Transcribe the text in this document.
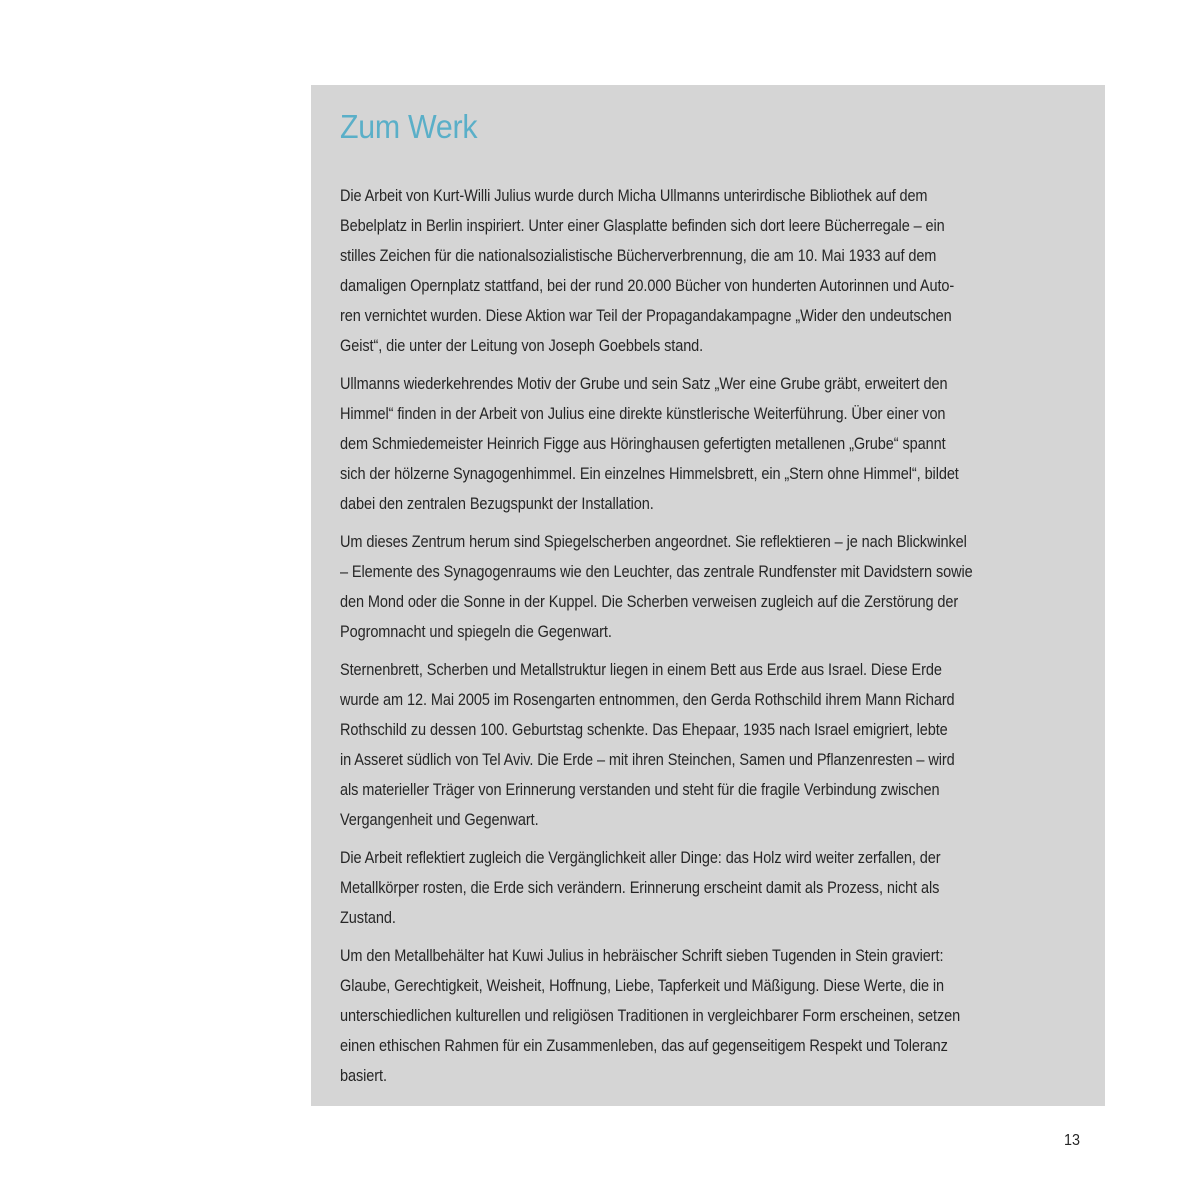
Zum Werk

Die Arbeit von Kurt-Willi Julius wurde durch Micha Ullmanns unterirdische Bibliothek auf dem
Bebelplatz in Berlin inspiriert. Unter einer Glasplatte befinden sich dort leere Bücherregale – ein
stilles Zeichen für die nationalsozialistische Bücherverbrennung, die am 10. Mai 1933 auf dem
damaligen Opernplatz stattfand, bei der rund 20.000 Bücher von hunderten Autorinnen und Auto-
ren vernichtet wurden. Diese Aktion war Teil der Propagandakampagne „Wider den undeutschen
Geist“, die unter der Leitung von Joseph Goebbels stand.

Ullmanns wiederkehrendes Motiv der Grube und sein Satz „Wer eine Grube gräbt, erweitert den
Himmel“ finden in der Arbeit von Julius eine direkte künstlerische Weiterführung. Über einer von
dem Schmiedemeister Heinrich Figge aus Höringhausen gefertigten metallenen „Grube“ spannt
sich der hölzerne Synagogenhimmel. Ein einzelnes Himmelsbrett, ein „Stern ohne Himmel“, bildet
dabei den zentralen Bezugspunkt der Installation.

Um dieses Zentrum herum sind Spiegelscherben angeordnet. Sie reflektieren – je nach Blickwinkel
– Elemente des Synagogenraums wie den Leuchter, das zentrale Rundfenster mit Davidstern sowie
den Mond oder die Sonne in der Kuppel. Die Scherben verweisen zugleich auf die Zerstörung der
Pogromnacht und spiegeln die Gegenwart.

Sternenbrett, Scherben und Metallstruktur liegen in einem Bett aus Erde aus Israel. Diese Erde
wurde am 12. Mai 2005 im Rosengarten entnommen, den Gerda Rothschild ihrem Mann Richard
Rothschild zu dessen 100. Geburtstag schenkte. Das Ehepaar, 1935 nach Israel emigriert, lebte
in Asseret südlich von Tel Aviv. Die Erde – mit ihren Steinchen, Samen und Pflanzenresten – wird
als materieller Träger von Erinnerung verstanden und steht für die fragile Verbindung zwischen
Vergangenheit und Gegenwart.

Die Arbeit reflektiert zugleich die Vergänglichkeit aller Dinge: das Holz wird weiter zerfallen, der
Metallkörper rosten, die Erde sich verändern. Erinnerung erscheint damit als Prozess, nicht als
Zustand.

Um den Metallbehälter hat Kuwi Julius in hebräischer Schrift sieben Tugenden in Stein graviert:
Glaube, Gerechtigkeit, Weisheit, Hoffnung, Liebe, Tapferkeit und Mäßigung. Diese Werte, die in
unterschiedlichen kulturellen und religiösen Traditionen in vergleichbarer Form erscheinen, setzen
einen ethischen Rahmen für ein Zusammenleben, das auf gegenseitigem Respekt und Toleranz
basiert.

13
